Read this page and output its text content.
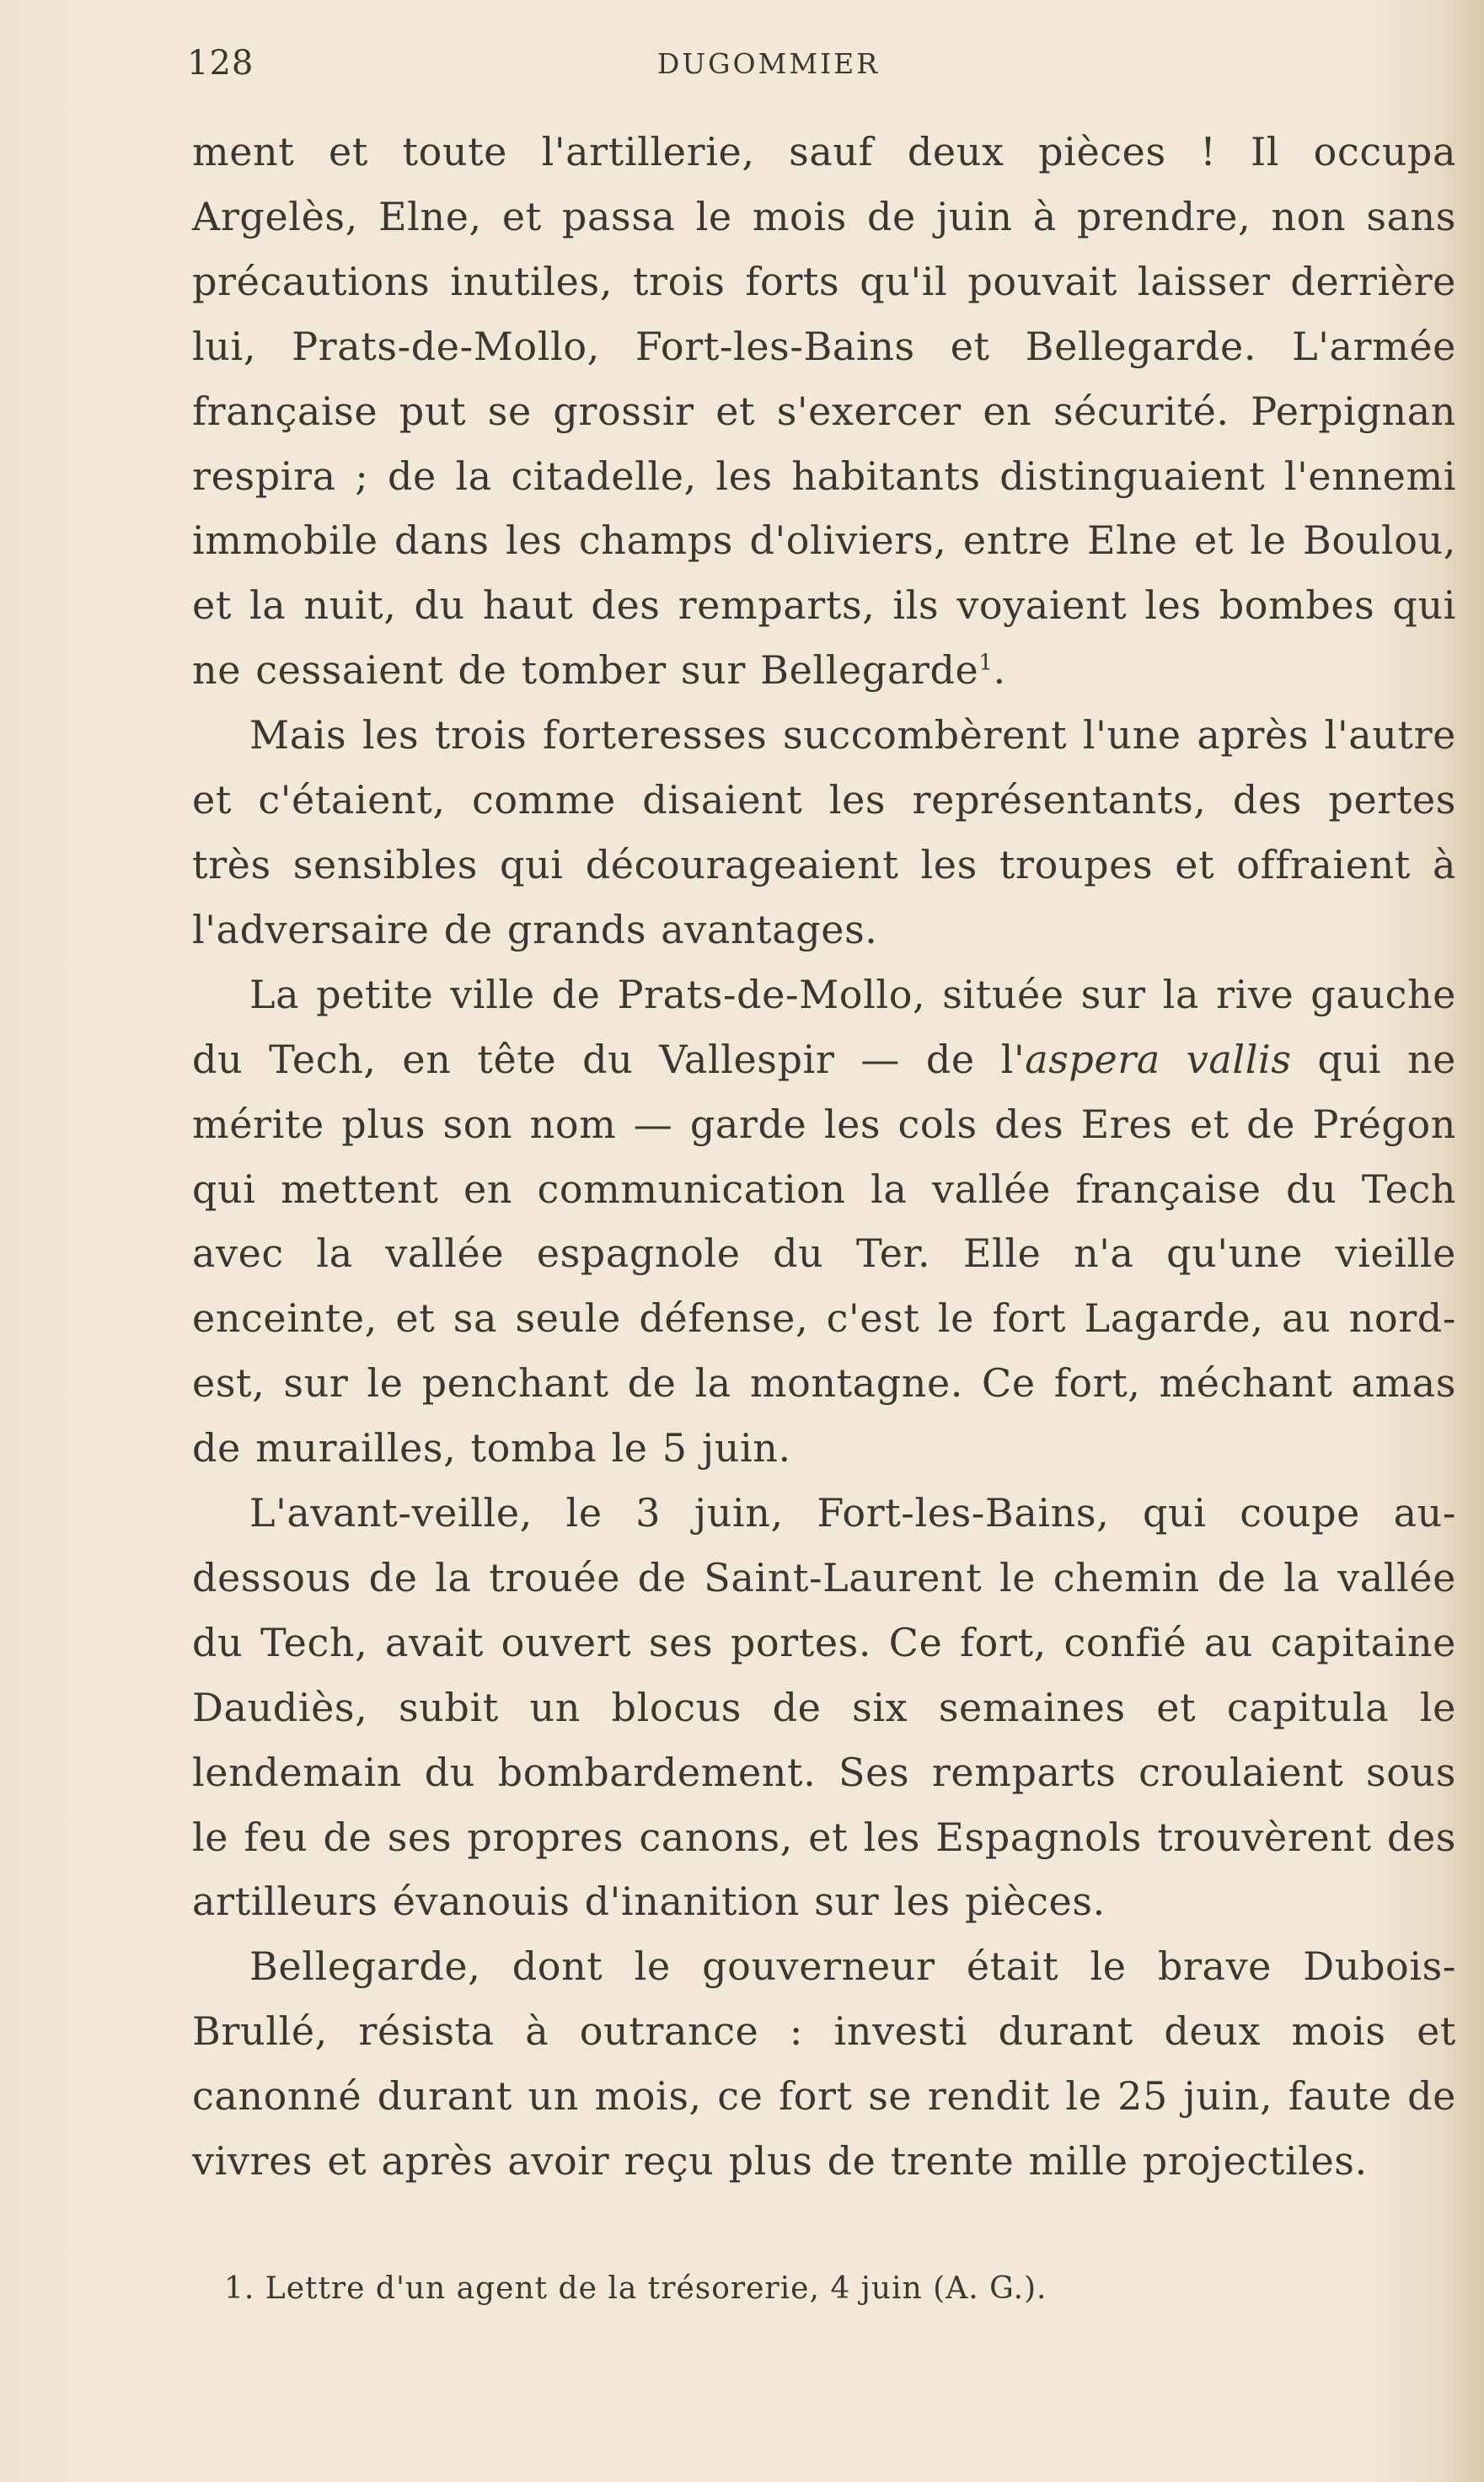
128	DUGOMMIER

ment et toute l'artillerie, sauf deux pièces ! Il occupa Argelès, Elne, et passa le mois de juin à prendre, non sans précautions inutiles, trois forts qu'il pouvait laisser derrière lui, Prats-de-Mollo, Fort-les-Bains et Bellegarde. L'armée française put se grossir et s'exercer en sécurité. Perpignan respira ; de la citadelle, les habitants distinguaient l'ennemi immobile dans les champs d'oliviers, entre Elne et le Boulou, et la nuit, du haut des remparts, ils voyaient les bombes qui ne cessaient de tomber sur Bellegarde$^1$.

Mais les trois forteresses succombèrent l'une après l'autre et c'étaient, comme disaient les représentants, des pertes très sensibles qui décourageaient les troupes et offraient à l'adversaire de grands avantages.

La petite ville de Prats-de-Mollo, située sur la rive gauche du Tech, en tête du Vallespir — de l'aspera vallis qui ne mérite plus son nom — garde les cols des Eres et de Prégon qui mettent en communication la vallée française du Tech avec la vallée espagnole du Ter. Elle n'a qu'une vieille enceinte, et sa seule défense, c'est le fort Lagarde, au nord-est, sur le penchant de la montagne. Ce fort, méchant amas de murailles, tomba le 5 juin.

L'avant-veille, le 3 juin, Fort-les-Bains, qui coupe au-dessous de la trouée de Saint-Laurent le chemin de la vallée du Tech, avait ouvert ses portes. Ce fort, confié au capitaine Daudiès, subit un blocus de six semaines et capitula le lendemain du bombardement. Ses remparts croulaient sous le feu de ses propres canons, et les Espagnols trouvèrent des artilleurs évanouis d'inanition sur les pièces.

Bellegarde, dont le gouverneur était le brave Dubois-Brullé, résista à outrance : investi durant deux mois et canonné durant un mois, ce fort se rendit le 25 juin, faute de vivres et après avoir reçu plus de trente mille projectiles.

1. Lettre d'un agent de la trésorerie, 4 juin (A. G.).
